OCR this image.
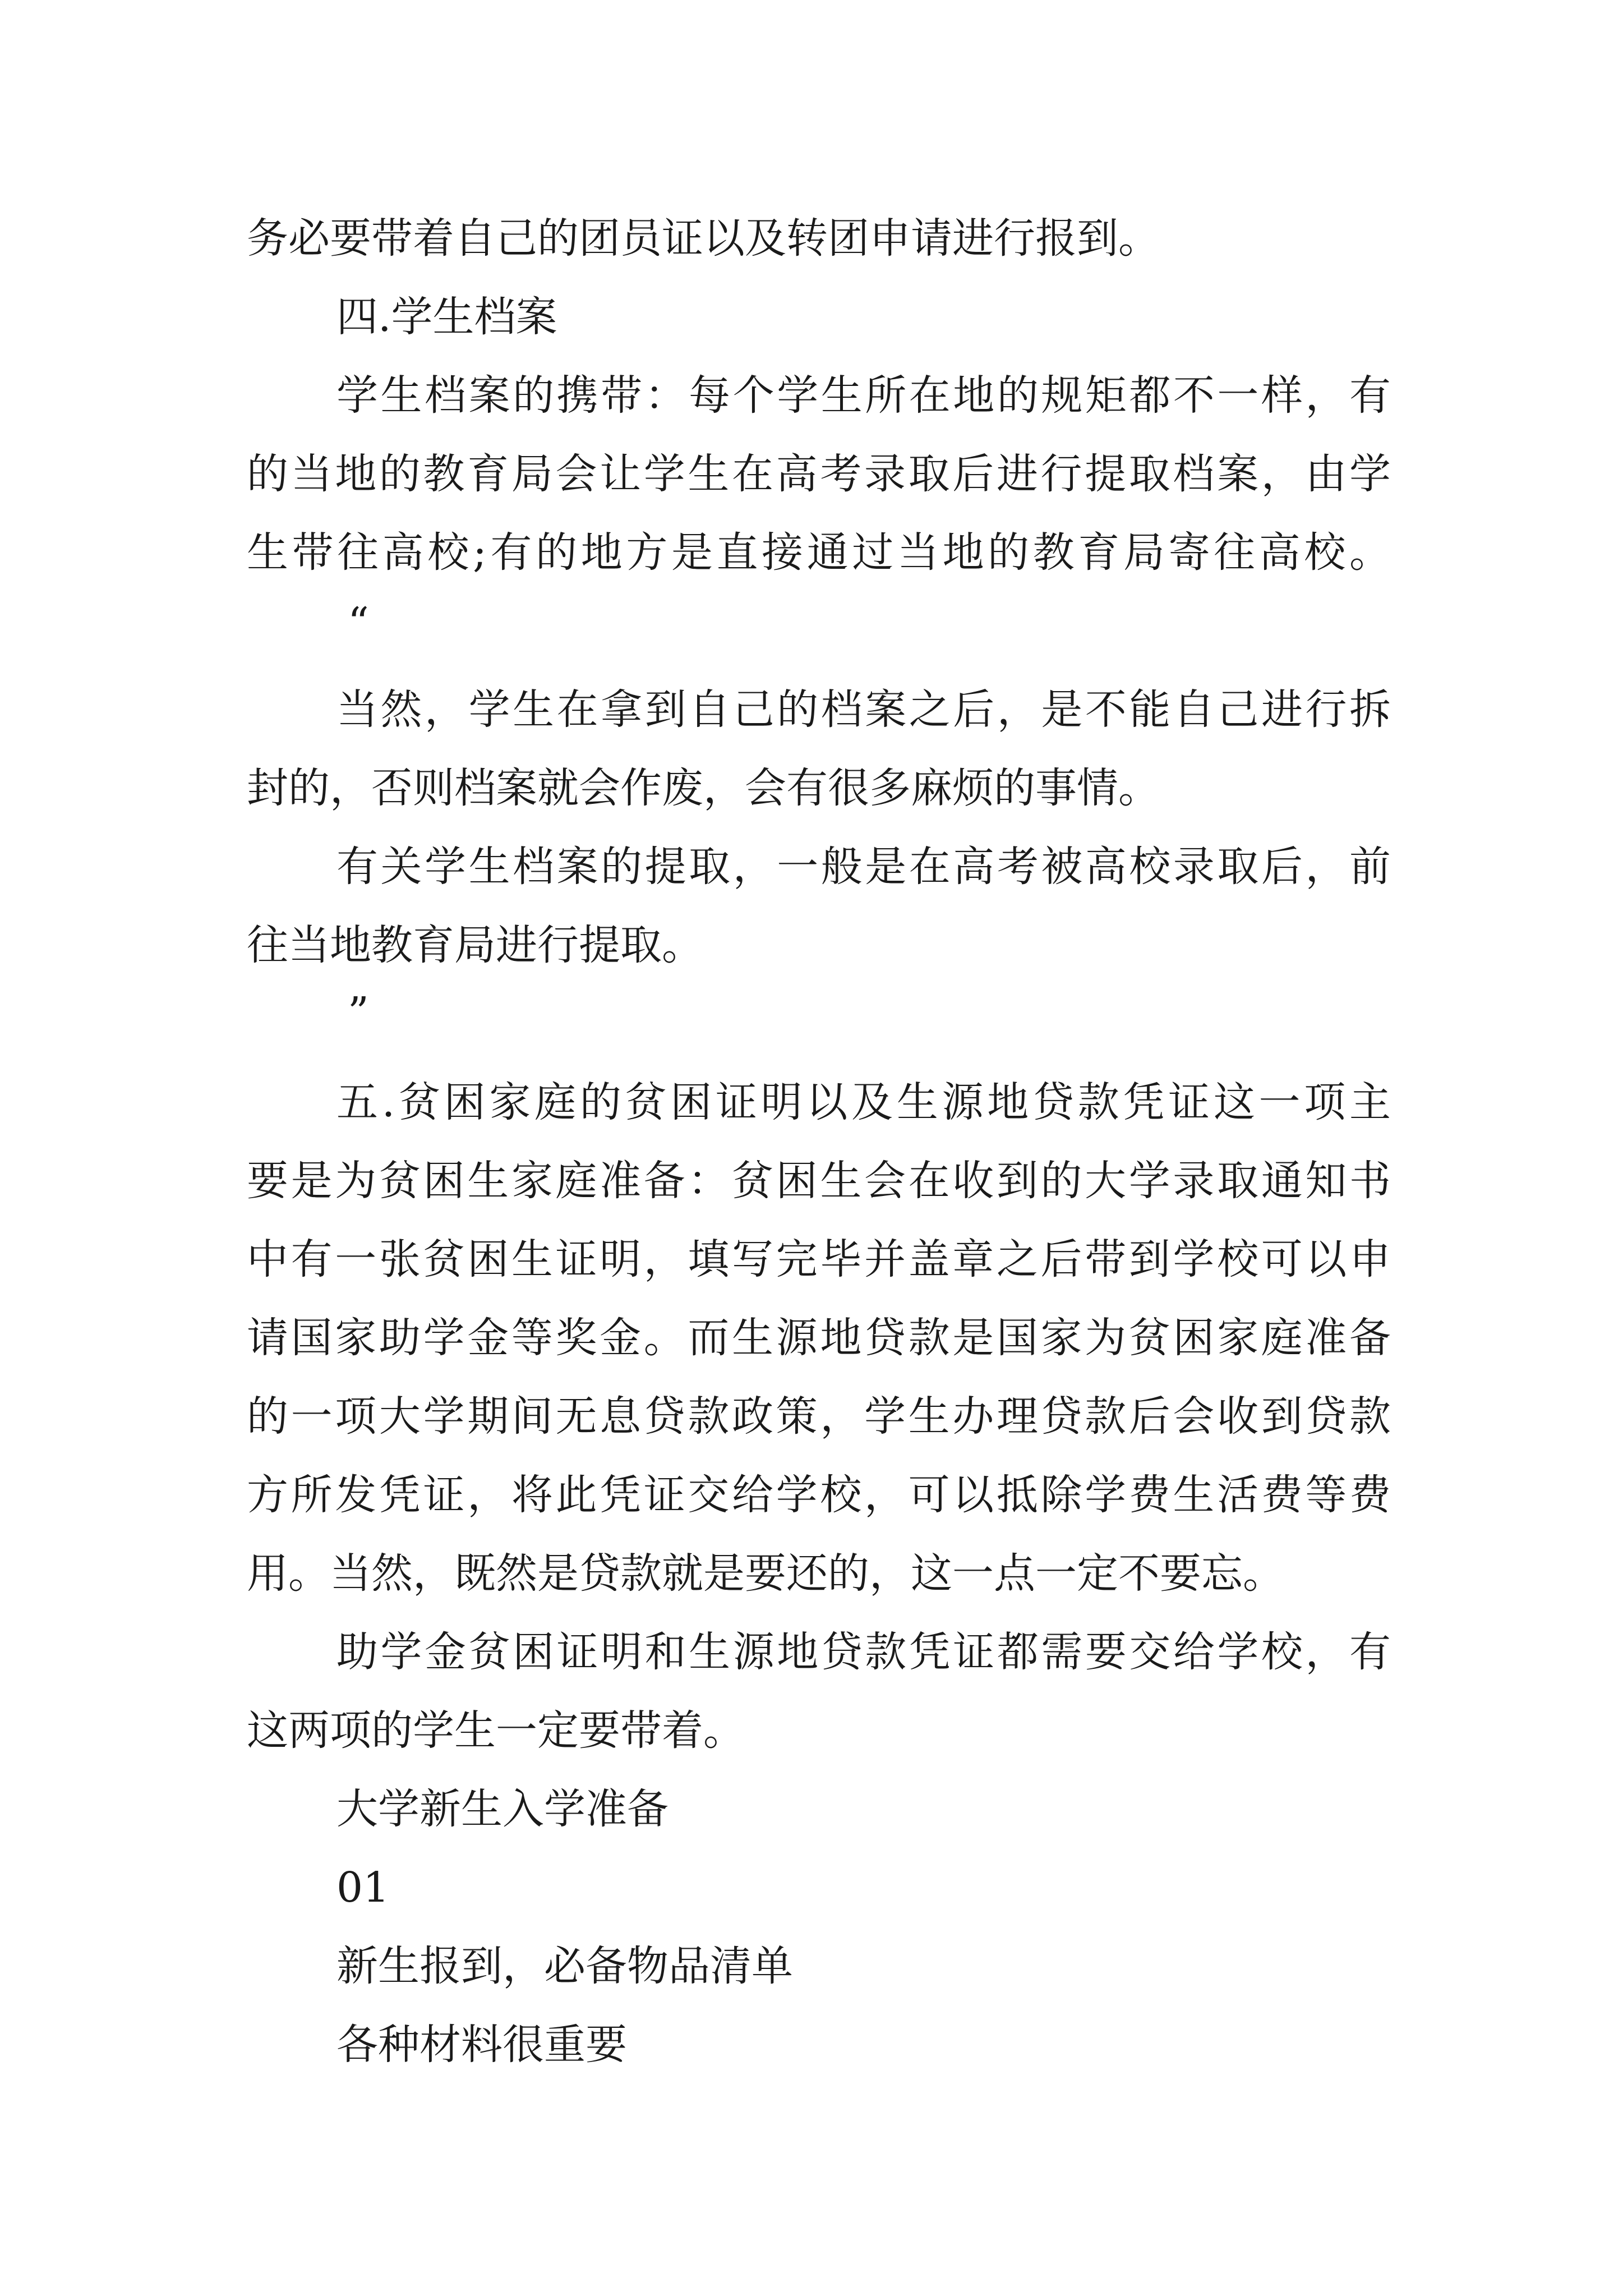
务必要带着自己的团员证以及转团申请进行报到。

四.学生档案

学生档案的携带：每个学生所在地的规矩都不一样，有

的当地的教育局会让学生在高考录取后进行提取档案，由学

生带往高校;有的地方是直接通过当地的教育局寄往高校。

“

当然，学生在拿到自己的档案之后，是不能自己进行拆

封的，否则档案就会作废，会有很多麻烦的事情。

有关学生档案的提取，一般是在高考被高校录取后，前

往当地教育局进行提取。

”

五.贫困家庭的贫困证明以及生源地贷款凭证这一项主

要是为贫困生家庭准备：贫困生会在收到的大学录取通知书

中有一张贫困生证明，填写完毕并盖章之后带到学校可以申

请国家助学金等奖金。而生源地贷款是国家为贫困家庭准备

的一项大学期间无息贷款政策，学生办理贷款后会收到贷款

方所发凭证，将此凭证交给学校，可以抵除学费生活费等费

用。当然，既然是贷款就是要还的，这一点一定不要忘。

助学金贫困证明和生源地贷款凭证都需要交给学校，有

这两项的学生一定要带着。

大学新生入学准备

01

新生报到，必备物品清单

各种材料很重要
